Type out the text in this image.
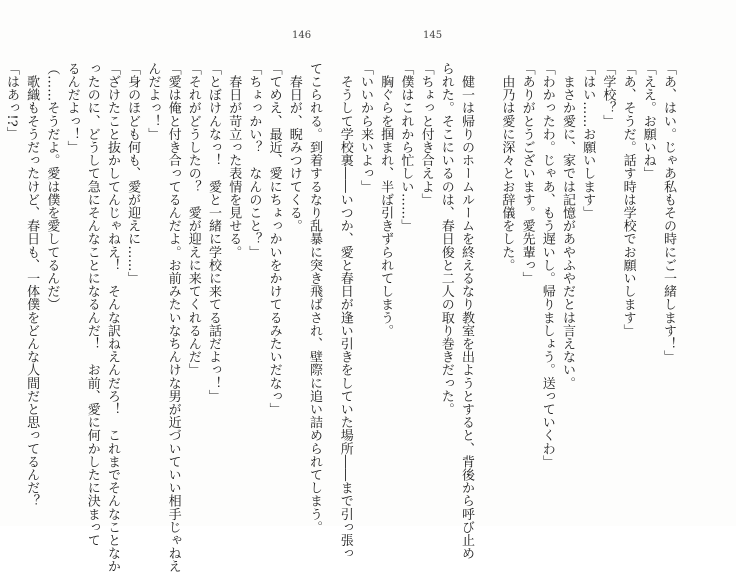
146
てこられる。到着するなり乱暴に突き飛ばされ、壁際に追い詰められてしまう。
　春日が、睨みつけてくる。
「てめえ、最近、愛にちょっかいをかけてるみたいだなっ」
「ちょっかい？　なんのこと？」
　春日が苛立った表情を見せる。
「とぼけんなっ！　愛と一緒に学校に来てる話だよっ！」
「それがどうしたの？　愛が迎えに来てくれるんだ」
「愛は俺と付き合ってるんだよ。お前みたいなちんけな男が近づいていい相手じゃねえ
んだよっ！」
「身のほども何も、愛が迎えに……」
「ざけたこと抜かしてんじゃねえ！　そんな訳ねえんだろ！　これまでそんなことなか
ったのに、どうして急にそんなことになるんだ！　お前、愛に何かしたに決まって
るんだよっ！」
（……そうだよ。愛は僕を愛してるんだ）
　歌織もそうだったけど、春日も、一体僕をどんな人間だと思ってるんだ？
「はあっ!?」
145
「あ、はい。じゃあ私もその時にご一緒します！」
「ええ。お願いね」
「あ、そうだ。話す時は学校でお願いします」
「学校？」
「はい……お願いします」
　まさか愛に、家では記憶があやふやだとは言えない。
「わかったわ。じゃあ、もう遅いし。帰りましょう。送っていくわ」
「ありがとうございます。愛先輩っ」
　由乃は愛に深々とお辞儀をした。
　健一は帰りのホームルームを終えるなり教室を出ようとすると、背後から呼び止め
られた。そこにいるのは、春日俊と二人の取り巻きだった。
「ちょっと付き合えよ」
「僕はこれから忙しい……」
　胸ぐらを掴まれ、半ば引きずられてしまう。
「いいから来いよっ」
　そうして学校裏――いつか、愛と春日が逢い引きをしていた場所――まで引っ張っ
